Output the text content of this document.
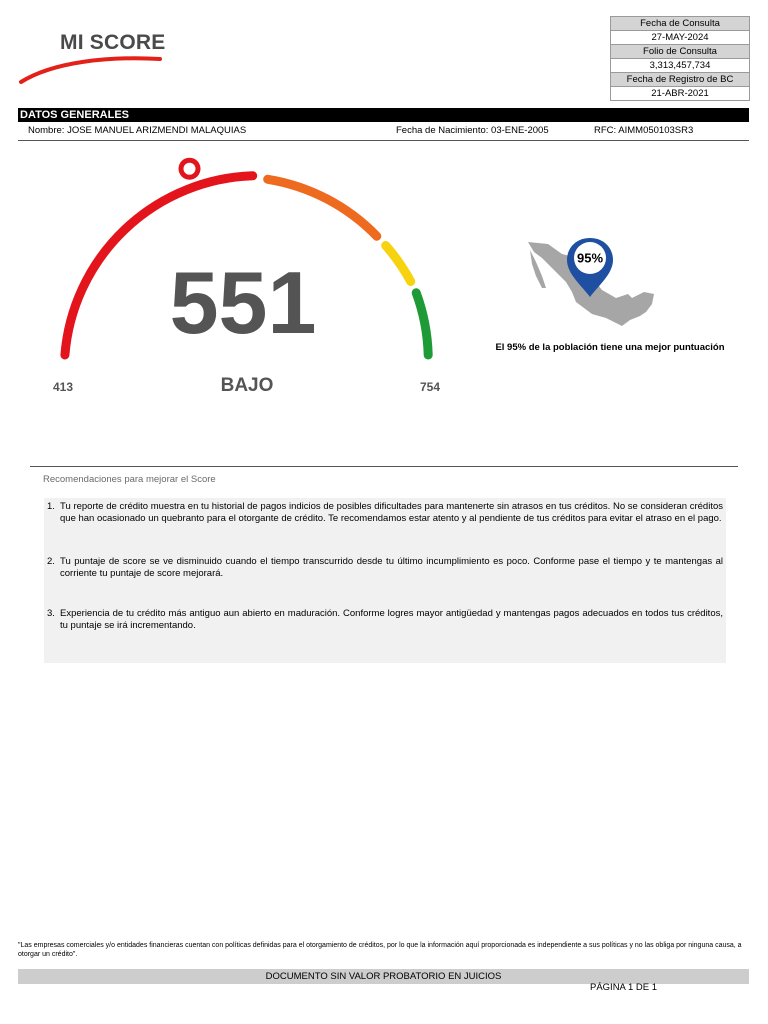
MI SCORE
Fecha de Consulta
27-MAY-2024
Folio de Consulta
3,313,457,734
Fecha de Registro de BC
21-ABR-2021
DATOS GENERALES
Nombre: JOSE MANUEL ARIZMENDI MALAQUIAS	Fecha de Nacimiento: 03-ENE-2005	RFC: AIMM050103SR3
551
BAJO
413	754
95%
El 95% de la población tiene una mejor puntuación
Recomendaciones para mejorar el Score
1. Tu reporte de crédito muestra en tu historial de pagos indicios de posibles dificultades para mantenerte sin atrasos en tus créditos. No se consideran créditos que han ocasionado un quebranto para el otorgante de crédito. Te recomendamos estar atento y al pendiente de tus créditos para evitar el atraso en el pago.
2. Tu puntaje de score se ve disminuido cuando el tiempo transcurrido desde tu último incumplimiento es poco. Conforme pase el tiempo y te mantengas al corriente tu puntaje de score mejorará.
3. Experiencia de tu crédito más antiguo aun abierto en maduración. Conforme logres mayor antigüedad y mantengas pagos adecuados en todos tus créditos, tu puntaje se irá incrementando.
"Las empresas comerciales y/o entidades financieras cuentan con políticas definidas para el otorgamiento de créditos, por lo que la información aquí proporcionada es independiente a sus políticas y no las obliga por ninguna causa, a otorgar un crédito".
DOCUMENTO SIN VALOR PROBATORIO EN JUICIOS
PÁGINA 1 DE 1
